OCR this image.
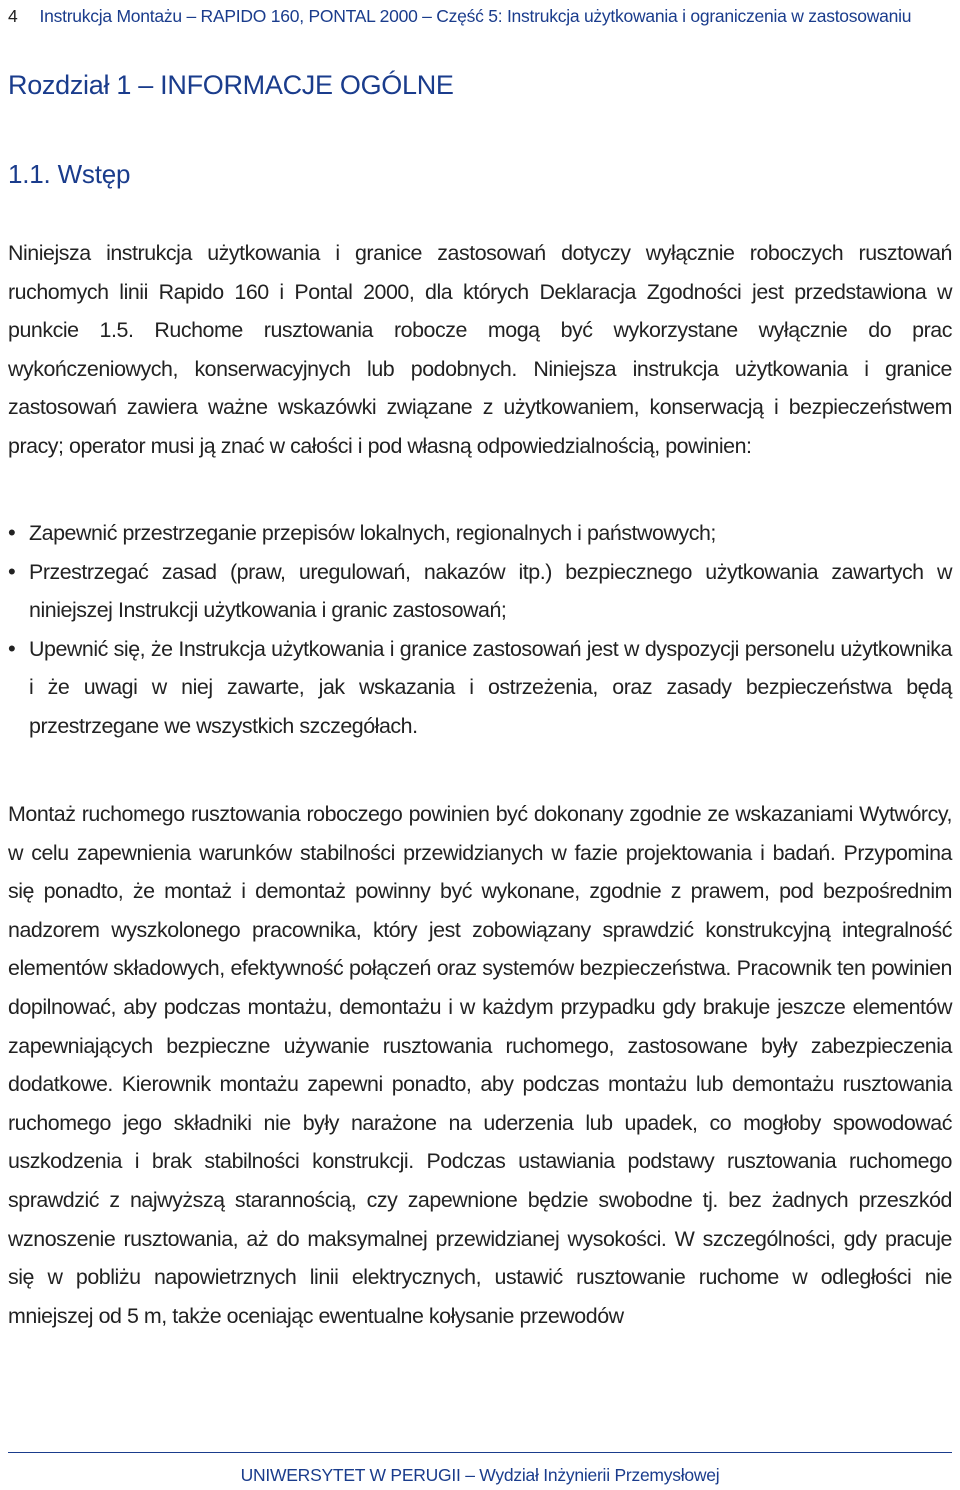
4 Instrukcja Montażu – RAPIDO 160, PONTAL 2000 – Część 5: Instrukcja użytkowania i ograniczenia w zastosowaniu
Rozdział 1 – INFORMACJE OGÓLNE
1.1. Wstęp

Niniejsza instrukcja użytkowania i granice zastosowań dotyczy wyłącznie roboczych rusztowań ruchomych linii Rapido 160 i Pontal 2000, dla których Deklaracja Zgodności jest przedstawiona w punkcie 1.5. Ruchome rusztowania robocze mogą być wykorzystane wyłącznie do prac wykończeniowych, konserwacyjnych lub podobnych. Niniejsza instrukcja użytkowania i granice zastosowań zawiera ważne wskazówki związane z użytkowaniem, konserwacją i bezpieczeństwem pracy; operator musi ją znać w całości i pod własną odpowiedzialnością, powinien:

• Zapewnić przestrzeganie przepisów lokalnych, regionalnych i państwowych;
• Przestrzegać zasad (praw, uregulowań, nakazów itp.) bezpiecznego użytkowania zawartych w niniejszej Instrukcji użytkowania i granic zastosowań;
• Upewnić się, że Instrukcja użytkowania i granice zastosowań jest w dyspozycji personelu użytkownika i że uwagi w niej zawarte, jak wskazania i ostrzeżenia, oraz zasady bezpieczeństwa będą przestrzegane we wszystkich szczegółach.

Montaż ruchomego rusztowania roboczego powinien być dokonany zgodnie ze wskazaniami Wytwórcy, w celu zapewnienia warunków stabilności przewidzianych w fazie projektowania i badań. Przypomina się ponadto, że montaż i demontaż powinny być wykonane, zgodnie z prawem, pod bezpośrednim nadzorem wyszkolonego pracownika, który jest zobowiązany sprawdzić konstrukcyjną integralność elementów składowych, efektywność połączeń oraz systemów bezpieczeństwa. Pracownik ten powinien dopilnować, aby podczas montażu, demontażu i w każdym przypadku gdy brakuje jeszcze elementów zapewniających bezpieczne używanie rusztowania ruchomego, zastosowane były zabezpieczenia dodatkowe. Kierownik montażu zapewni ponadto, aby podczas montażu lub demontażu rusztowania ruchomego jego składniki nie były narażone na uderzenia lub upadek, co mogłoby spowodować uszkodzenia i brak stabilności konstrukcji. Podczas ustawiania podstawy rusztowania ruchomego sprawdzić z najwyższą starannością, czy zapewnione będzie swobodne tj. bez żadnych przeszkód wznoszenie rusztowania, aż do maksymalnej przewidzianej wysokości. W szczególności, gdy pracuje się w pobliżu napowietrznych linii elektrycznych, ustawić rusztowanie ruchome w odległości nie mniejszej od 5 m, także oceniając ewentualne kołysanie przewodów

UNIWERSYTET W PERUGII – Wydział Inżynierii Przemysłowej
